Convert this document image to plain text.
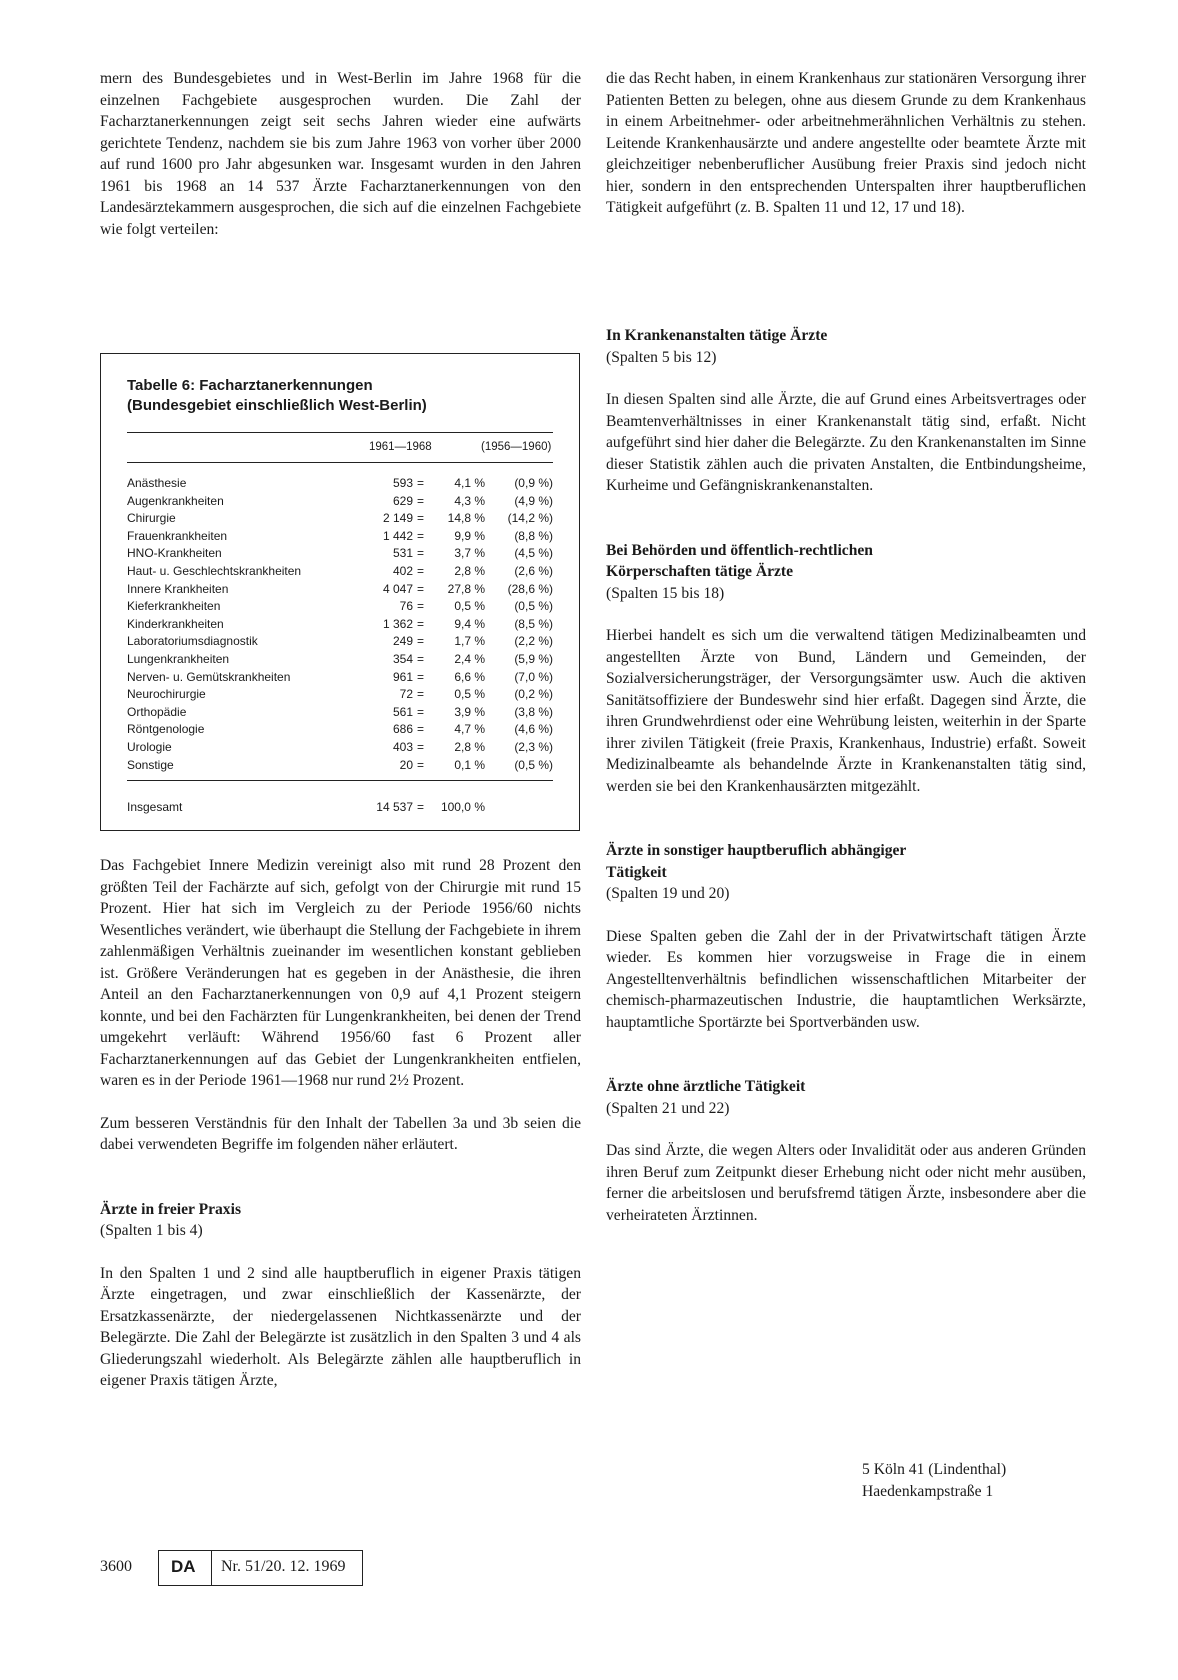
mern des Bundesgebietes und in West-Berlin im Jahre 1968 für die einzelnen Fachgebiete ausgesprochen wurden. Die Zahl der Facharztanerkennungen zeigt seit sechs Jahren wieder eine aufwärts gerichtete Tendenz, nachdem sie bis zum Jahre 1963 von vorher über 2000 auf rund 1600 pro Jahr abgesunken war. Insgesamt wurden in den Jahren 1961 bis 1968 an 14 537 Ärzte Facharztanerkennungen von den Landesärztekammern ausgesprochen, die sich auf die einzelnen Fachgebiete wie folgt verteilen:

die das Recht haben, in einem Krankenhaus zur stationären Versorgung ihrer Patienten Betten zu belegen, ohne aus diesem Grunde zu dem Krankenhaus in einem Arbeitnehmer- oder arbeitnehmerähnlichen Verhältnis zu stehen. Leitende Krankenhausärzte und andere angestellte oder beamtete Ärzte mit gleichzeitiger nebenberuflicher Ausübung freier Praxis sind jedoch nicht hier, sondern in den entsprechenden Unterspalten ihrer hauptberuflichen Tätigkeit aufgeführt (z. B. Spalten 11 und 12, 17 und 18).

Tabelle 6: Facharztanerkennungen
(Bundesgebiet einschließlich West-Berlin)
1961—1968	(1956—1960)
Anästhesie	593 =	4,1 % (0,9 %)
Augenkrankheiten	629 =	4,3 % (4,9 %)
Chirurgie	2 149 = 14,8 % (14,2 %)
Frauenkrankheiten	1 442 =	9,9 % (8,8 %)
HNO-Krankheiten	531 =	3,7 % (4,5 %)
Haut- u. Geschlechtskrankheiten	402 =	2,8 % (2,6 %)
Innere Krankheiten	4 047 = 27,8 % (28,6 %)
Kieferkrankheiten	76 =	0,5 % (0,5 %)
Kinderkrankheiten	1 362 =	9,4 % (8,5 %)
Laboratoriumsdiagnostik	249 =	1,7 % (2,2 %)
Lungenkrankheiten	354 =	2,4 % (5,9 %)
Nerven- u. Gemütskrankheiten	961 =	6,6 % (7,0 %)
Neurochirurgie	72 =	0,5 % (0,2 %)
Orthopädie	561 =	3,9 % (3,8 %)
Röntgenologie	686 =	4,7 % (4,6 %)
Urologie	403 =	2,8 % (2,3 %)
Sonstige	20 =	0,1 % (0,5 %)
Insgesamt	14 537 = 100,0 %

Das Fachgebiet Innere Medizin vereinigt also mit rund 28 Prozent den größten Teil der Fachärzte auf sich, gefolgt von der Chirurgie mit rund 15 Prozent. Hier hat sich im Vergleich zu der Periode 1956/60 nichts Wesentliches verändert, wie überhaupt die Stellung der Fachgebiete in ihrem zahlenmäßigen Verhältnis zueinander im wesentlichen konstant geblieben ist. Größere Veränderungen hat es gegeben in der Anästhesie, die ihren Anteil an den Facharztanerkennungen von 0,9 auf 4,1 Prozent steigern konnte, und bei den Fachärzten für Lungenkrankheiten, bei denen der Trend umgekehrt verläuft: Während 1956/60 fast 6 Prozent aller Facharztanerkennungen auf das Gebiet der Lungenkrankheiten entfielen, waren es in der Periode 1961—1968 nur rund 2½ Prozent.

Zum besseren Verständnis für den Inhalt der Tabellen 3a und 3b seien die dabei verwendeten Begriffe im folgenden näher erläutert.

Ärzte in freier Praxis
(Spalten 1 bis 4)

In den Spalten 1 und 2 sind alle hauptberuflich in eigener Praxis tätigen Ärzte eingetragen, und zwar einschließlich der Kassenärzte, der Ersatzkassenärzte, der niedergelassenen Nichtkassenärzte und der Belegärzte. Die Zahl der Belegärzte ist zusätzlich in den Spalten 3 und 4 als Gliederungszahl wiederholt. Als Belegärzte zählen alle hauptberuflich in eigener Praxis tätigen Ärzte,

In Krankenanstalten tätige Ärzte
(Spalten 5 bis 12)

In diesen Spalten sind alle Ärzte, die auf Grund eines Arbeitsvertrages oder Beamtenverhältnisses in einer Krankenanstalt tätig sind, erfaßt. Nicht aufgeführt sind hier daher die Belegärzte. Zu den Krankenanstalten im Sinne dieser Statistik zählen auch die privaten Anstalten, die Entbindungsheime, Kurheime und Gefängniskrankenanstalten.

Bei Behörden und öffentlich-rechtlichen
Körperschaften tätige Ärzte
(Spalten 15 bis 18)

Hierbei handelt es sich um die verwaltend tätigen Medizinalbeamten und angestellten Ärzte von Bund, Ländern und Gemeinden, der Sozialversicherungsträger, der Versorgungsämter usw. Auch die aktiven Sanitätsoffiziere der Bundeswehr sind hier erfaßt. Dagegen sind Ärzte, die ihren Grundwehrdienst oder eine Wehrübung leisten, weiterhin in der Sparte ihrer zivilen Tätigkeit (freie Praxis, Krankenhaus, Industrie) erfaßt. Soweit Medizinalbeamte als behandelnde Ärzte in Krankenanstalten tätig sind, werden sie bei den Krankenhausärzten mitgezählt.

Ärzte in sonstiger hauptberuflich abhängiger
Tätigkeit
(Spalten 19 und 20)

Diese Spalten geben die Zahl der in der Privatwirtschaft tätigen Ärzte wieder. Es kommen hier vorzugsweise in Frage die in einem Angestelltenverhältnis befindlichen wissenschaftlichen Mitarbeiter der chemisch-pharmazeutischen Industrie, die hauptamtlichen Werksärzte, hauptamtliche Sportärzte bei Sportverbänden usw.

Ärzte ohne ärztliche Tätigkeit
(Spalten 21 und 22)

Das sind Ärzte, die wegen Alters oder Invalidität oder aus anderen Gründen ihren Beruf zum Zeitpunkt dieser Erhebung nicht oder nicht mehr ausüben, ferner die arbeitslosen und berufsfremd tätigen Ärzte, insbesondere aber die verheirateten Ärztinnen.

5 Köln 41 (Lindenthal)
Haedenkampstraße 1
3600 DA Nr. 51/20. 12. 1969
